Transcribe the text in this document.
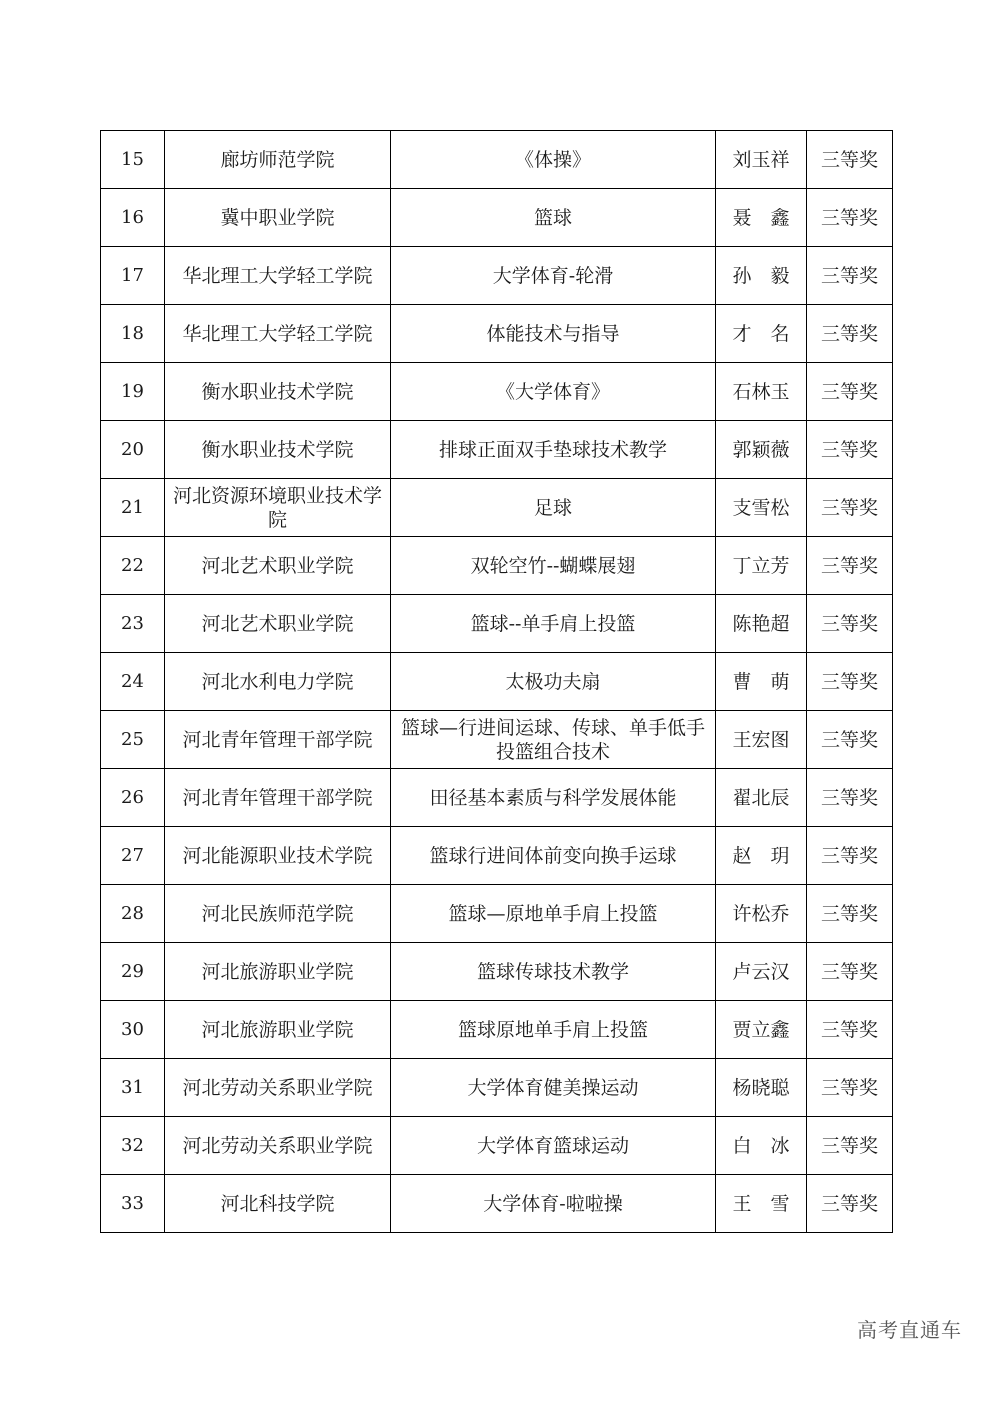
15	廊坊师范学院	《体操》	刘玉祥	三等奖
16	冀中职业学院	篮球	聂　鑫	三等奖
17	华北理工大学轻工学院	大学体育-轮滑	孙　毅	三等奖
18	华北理工大学轻工学院	体能技术与指导	才　名	三等奖
19	衡水职业技术学院	《大学体育》	石林玉	三等奖
20	衡水职业技术学院	排球正面双手垫球技术教学	郭颖薇	三等奖
21	河北资源环境职业技术学院	足球	支雪松	三等奖
22	河北艺术职业学院	双轮空竹--蝴蝶展翅	丁立芳	三等奖
23	河北艺术职业学院	篮球--单手肩上投篮	陈艳超	三等奖
24	河北水利电力学院	太极功夫扇	曹　萌	三等奖
25	河北青年管理干部学院	篮球—行进间运球、传球、单手低手投篮组合技术	王宏图	三等奖
26	河北青年管理干部学院	田径基本素质与科学发展体能	翟北辰	三等奖
27	河北能源职业技术学院	篮球行进间体前变向换手运球	赵　玥	三等奖
28	河北民族师范学院	篮球—原地单手肩上投篮	许松乔	三等奖
29	河北旅游职业学院	篮球传球技术教学	卢云汉	三等奖
30	河北旅游职业学院	篮球原地单手肩上投篮	贾立鑫	三等奖
31	河北劳动关系职业学院	大学体育健美操运动	杨晓聪	三等奖
32	河北劳动关系职业学院	大学体育篮球运动	白　冰	三等奖
33	河北科技学院	大学体育-啦啦操	王　雪	三等奖
高考直通车
